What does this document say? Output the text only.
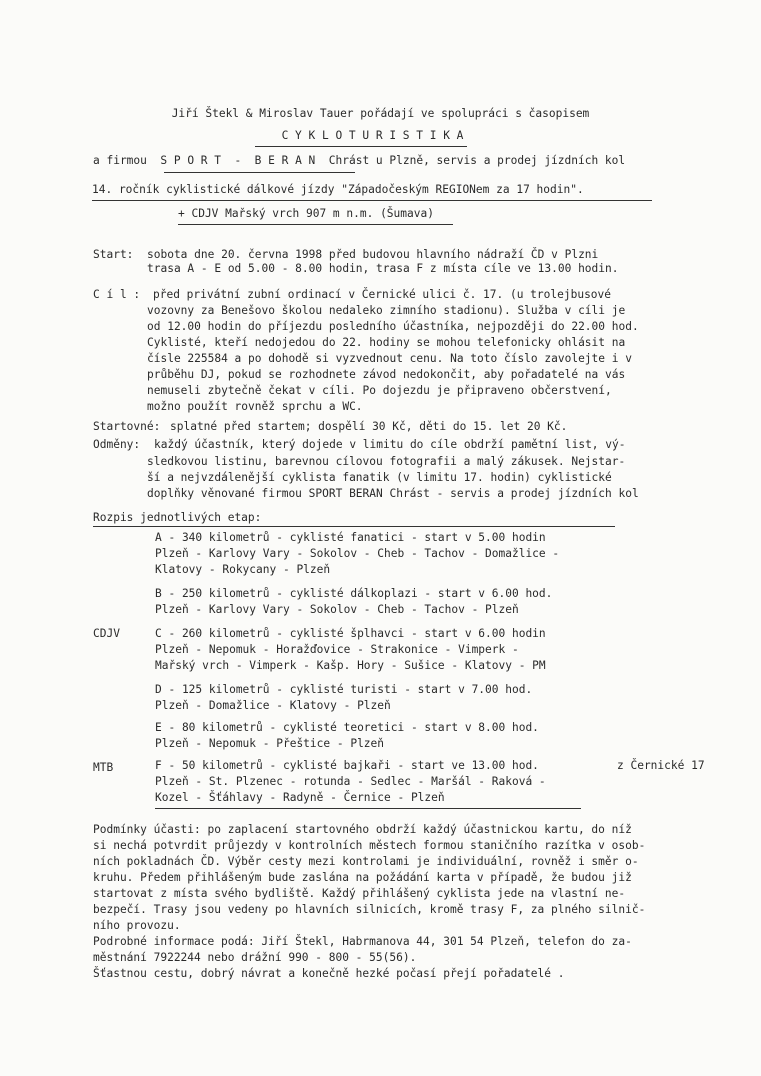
Jiří Štekl & Miroslav Tauer pořádají ve spolupráci s časopisem
C Y K L O T U R I S T I K A
a firmou S P O R T  -  B E R A N Chrást u Plzně, servis a prodej jízdních kol
14. ročník cyklistické dálkové jízdy "Západočeským REGIONem za 17 hodin".
+ CDJV Mařský vrch 907 m n.m. (Šumava)
Start: sobota dne 20. června 1998 před budovou hlavního nádraží ČD v Plzni
trasa A - E od 5.00 - 8.00 hodin, trasa F z místa cíle ve 13.00 hodin.
C í l : před privátní zubní ordinací v Černické ulici č. 17. (u trolejbusové
vozovny za Benešovo školou nedaleko zimního stadionu). Služba v cíli je
od 12.00 hodin do příjezdu posledního účastníka, nejpozději do 22.00 hod.
Cyklisté, kteří nedojedou do 22. hodiny se mohou telefonicky ohlásit na
čísle 225584 a po dohodě si vyzvednout cenu. Na toto číslo zavolejte i v
průběhu DJ, pokud se rozhodnete závod nedokončit, aby pořadatelé na vás
nemuseli zbytečně čekat v cíli. Po dojezdu je připraveno občerstvení,
možno použít rovněž sprchu a WC.
Startovné: splatné před startem; dospělí 30 Kč, děti do 15. let 20 Kč.
Odměny: každý účastník, který dojede v limitu do cíle obdrží pamětní list, vý-
sledkovou listinu, barevnou cílovou fotografii a malý zákusek. Nejstar-
ší a nejvzdálenější cyklista fanatik (v limitu 17. hodin) cyklistické
doplňky věnované firmou SPORT BERAN Chrást - servis a prodej jízdních kol
Rozpis jednotlivých etap:
A - 340 kilometrů - cyklisté fanatici - start v 5.00 hodin
Plzeň - Karlovy Vary - Sokolov - Cheb - Tachov - Domažlice -
Klatovy - Rokycany - Plzeň
B - 250 kilometrů - cyklisté dálkoplazi - start v 6.00 hod.
Plzeň - Karlovy Vary - Sokolov - Cheb - Tachov - Plzeň
CDJV	C - 260 kilometrů - cyklisté šplhavci - start v 6.00 hodin
Plzeň - Nepomuk - Horažďovice - Strakonice - Vimperk -
Mařský vrch - Vimperk - Kašp. Hory - Sušice - Klatovy - PM
D - 125 kilometrů - cyklisté turisti - start v 7.00 hod.
Plzeň - Domažlice - Klatovy - Plzeň
E - 80 kilometrů - cyklisté teoretici - start v 8.00 hod.
Plzeň - Nepomuk - Přeštice - Plzeň
MTB	F - 50 kilometrů - cyklisté bajkaři - start ve 13.00 hod.	z Černické 17
Plzeň - St. Plzenec - rotunda - Sedlec - Maršál - Raková -
Kozel - Šťáhlavy - Radyně - Černice - Plzeň
Podmínky účasti: po zaplacení startovného obdrží každý účastnickou kartu, do níž
si nechá potvrdit průjezdy v kontrolních městech formou staničního razítka v osob-
ních pokladnách ČD. Výběr cesty mezi kontrolami je individuální, rovněž i směr o-
kruhu. Předem přihlášeným bude zaslána na požádání karta v případě, že budou již
startovat z místa svého bydliště. Každý přihlášený cyklista jede na vlastní ne-
bezpečí. Trasy jsou vedeny po hlavních silnicích, kromě trasy F, za plného silnič-
ního provozu.
Podrobné informace podá: Jiří Štekl, Habrmanova 44, 301 54 Plzeň, telefon do za-
městnání 7922244 nebo drážní 990 - 800 - 55(56).
Šťastnou cestu, dobrý návrat a konečně hezké počasí přejí pořadatelé .
